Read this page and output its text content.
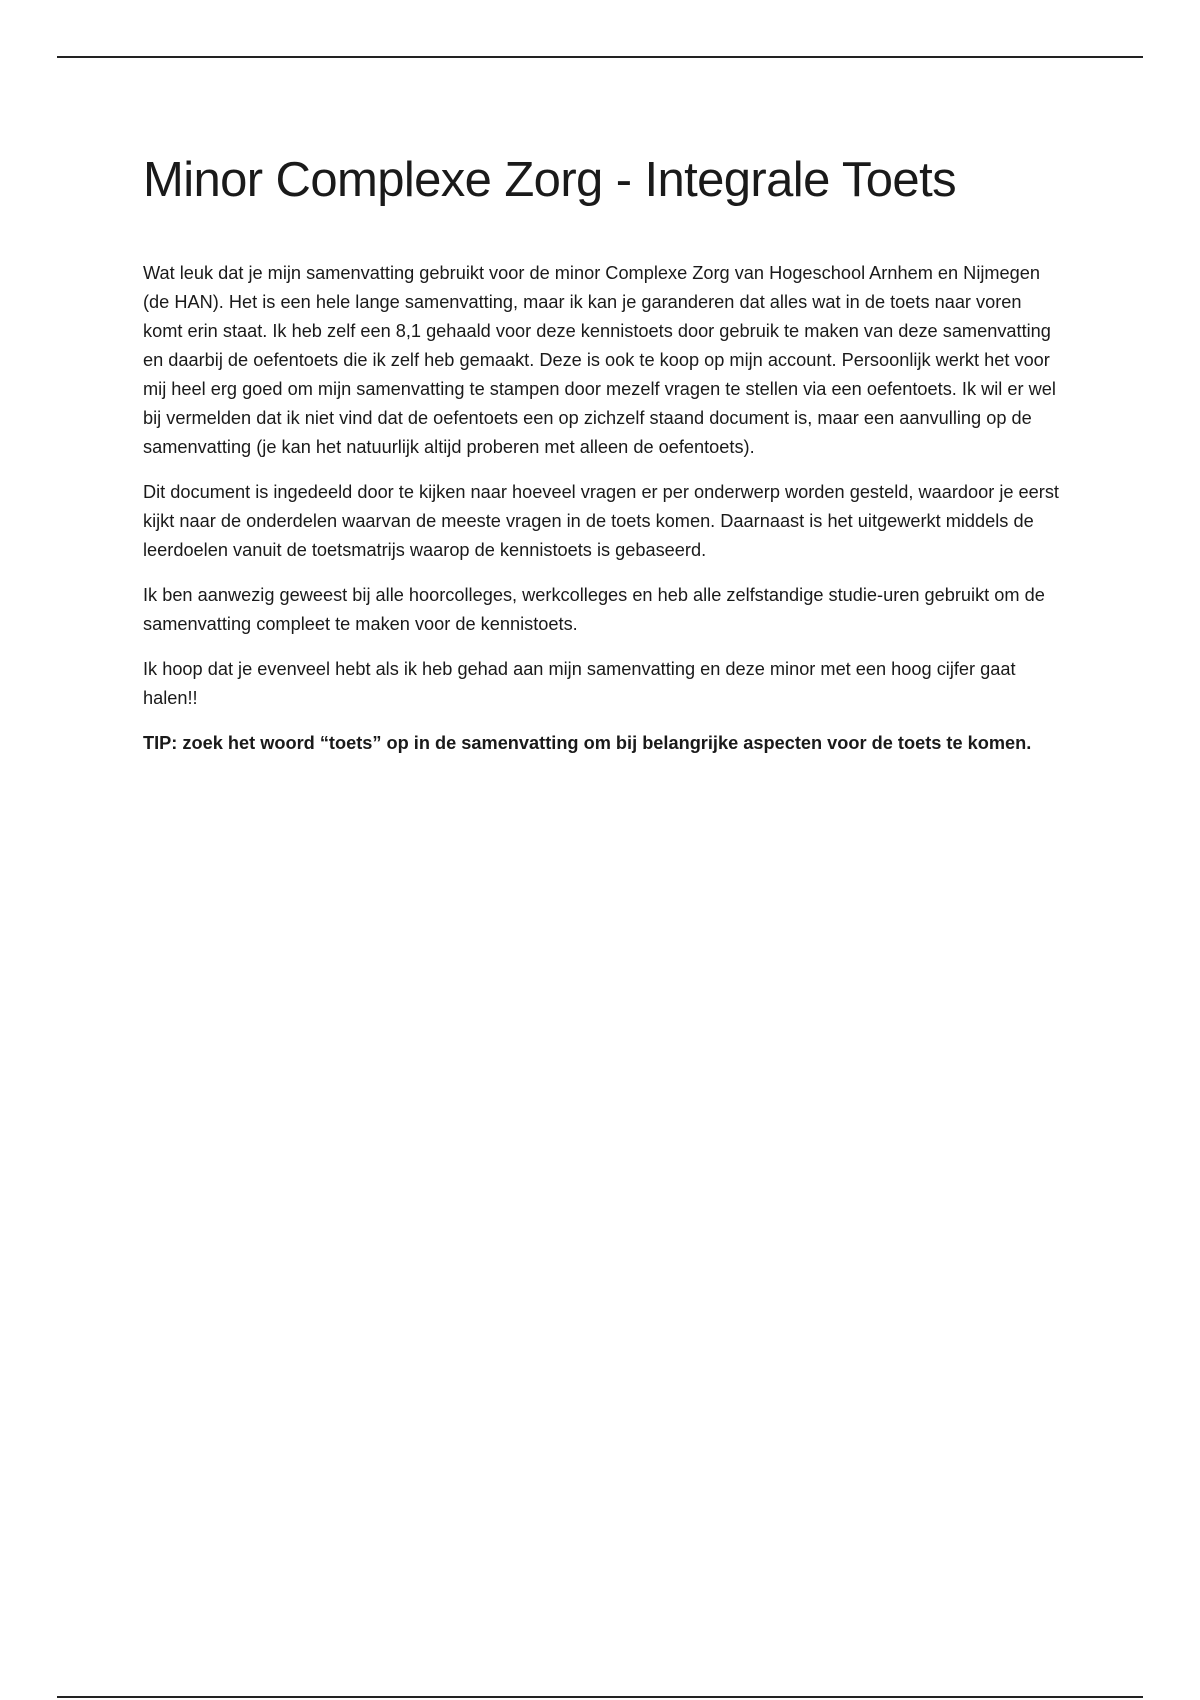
Minor Complexe Zorg - Integrale Toets

Wat leuk dat je mijn samenvatting gebruikt voor de minor Complexe Zorg van Hogeschool Arnhem en Nijmegen (de HAN). Het is een hele lange samenvatting, maar ik kan je garanderen dat alles wat in de toets naar voren komt erin staat. Ik heb zelf een 8,1 gehaald voor deze kennistoets door gebruik te maken van deze samenvatting en daarbij de oefentoets die ik zelf heb gemaakt. Deze is ook te koop op mijn account. Persoonlijk werkt het voor mij heel erg goed om mijn samenvatting te stampen door mezelf vragen te stellen via een oefentoets. Ik wil er wel bij vermelden dat ik niet vind dat de oefentoets een op zichzelf staand document is, maar een aanvulling op de samenvatting (je kan het natuurlijk altijd proberen met alleen de oefentoets).

Dit document is ingedeeld door te kijken naar hoeveel vragen er per onderwerp worden gesteld, waardoor je eerst kijkt naar de onderdelen waarvan de meeste vragen in de toets komen. Daarnaast is het uitgewerkt middels de leerdoelen vanuit de toetsmatrijs waarop de kennistoets is gebaseerd.

Ik ben aanwezig geweest bij alle hoorcolleges, werkcolleges en heb alle zelfstandige studie-uren gebruikt om de samenvatting compleet te maken voor de kennistoets.

Ik hoop dat je evenveel hebt als ik heb gehad aan mijn samenvatting en deze minor met een hoog cijfer gaat halen!!

TIP: zoek het woord “toets” op in de samenvatting om bij belangrijke aspecten voor de toets te komen.
